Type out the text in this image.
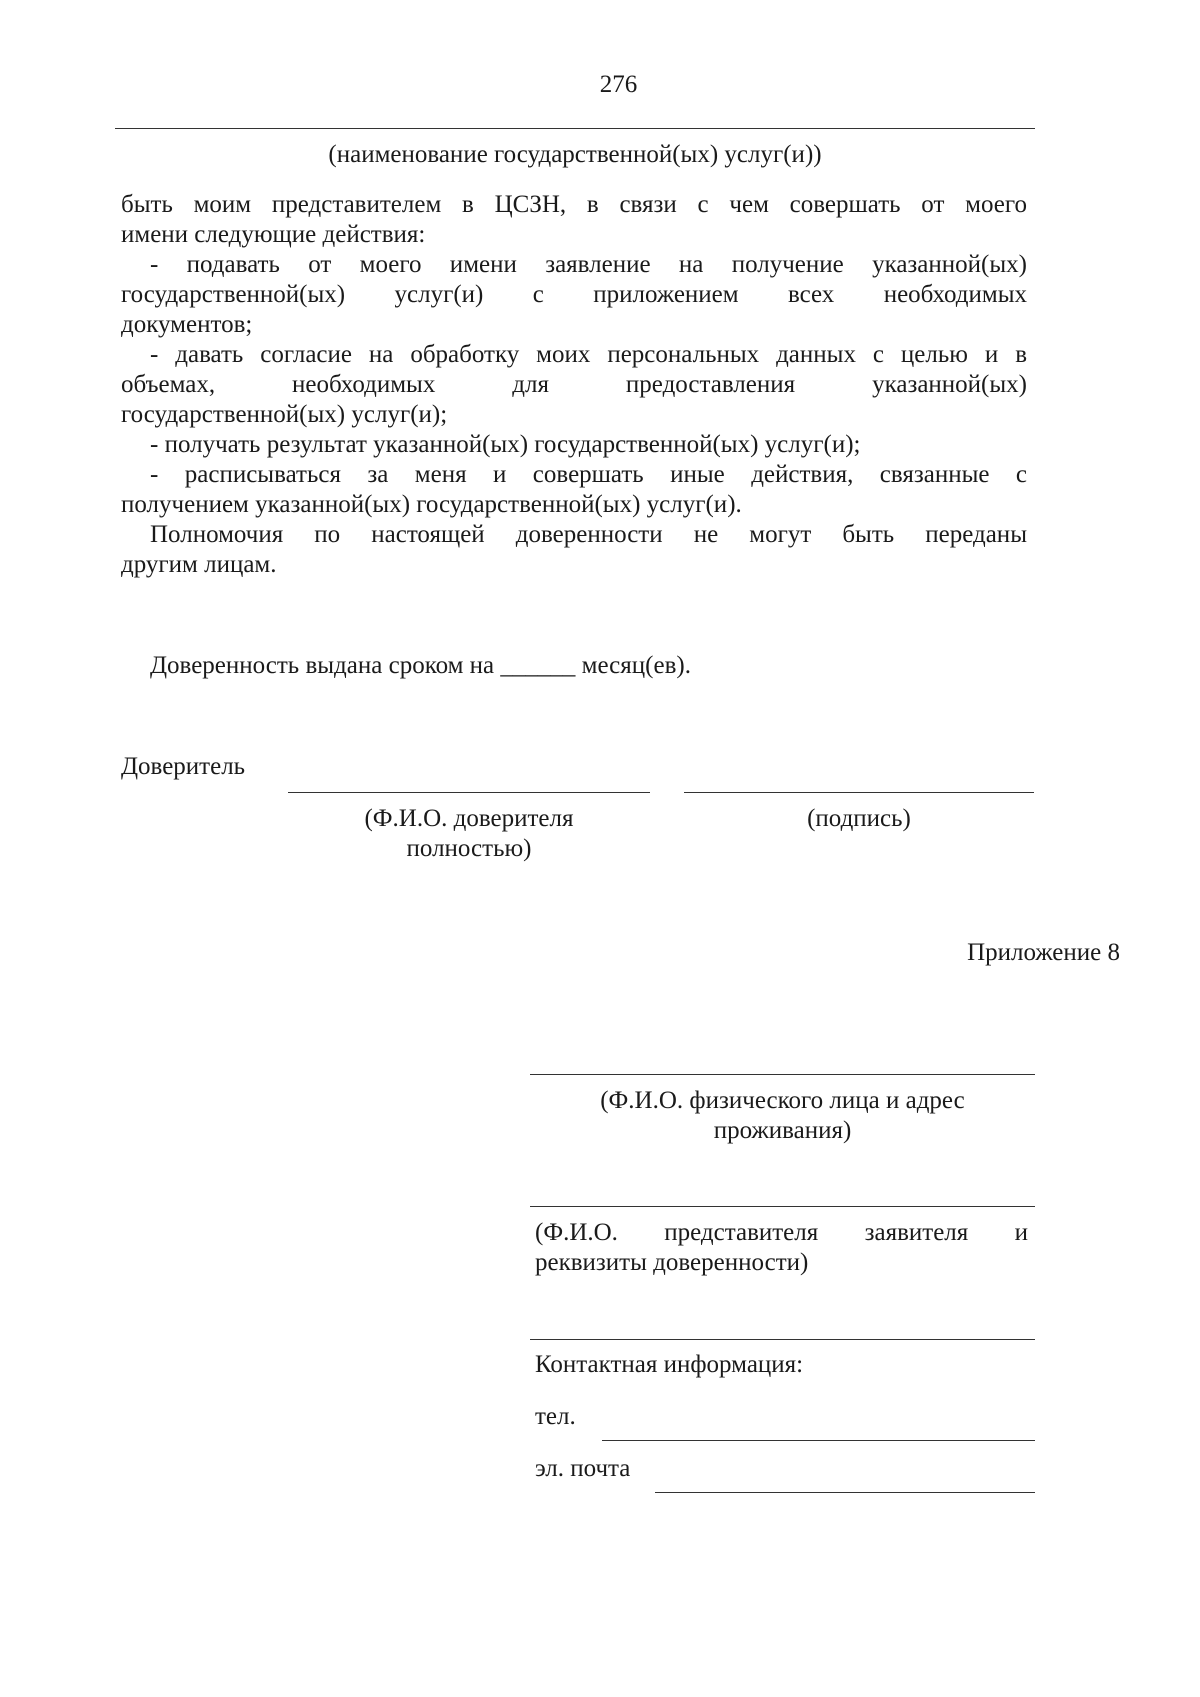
276
(наименование государственной(ых) услуг(и))
быть моим представителем в ЦСЗН, в связи с чем совершать от моего
имени следующие действия:
- подавать от моего имени заявление на получение указанной(ых)
государственной(ых) услуг(и) с приложением всех необходимых
документов;
- давать согласие на обработку моих персональных данных с целью и в
объемах, необходимых для предоставления указанной(ых)
государственной(ых) услуг(и);
- получать результат указанной(ых) государственной(ых) услуг(и);
- расписываться за меня и совершать иные действия, связанные с
получением указанной(ых) государственной(ых) услуг(и).
Полномочия по настоящей доверенности не могут быть переданы
другим лицам.
Доверенность выдана сроком на ______ месяц(ев).
Доверитель
(Ф.И.О. доверителя
полностью)
(подпись)
Приложение 8
(Ф.И.О. физического лица и адрес
проживания)
(Ф.И.О. представителя заявителя и
реквизиты доверенности)
Контактная информация:
тел.
эл. почта
